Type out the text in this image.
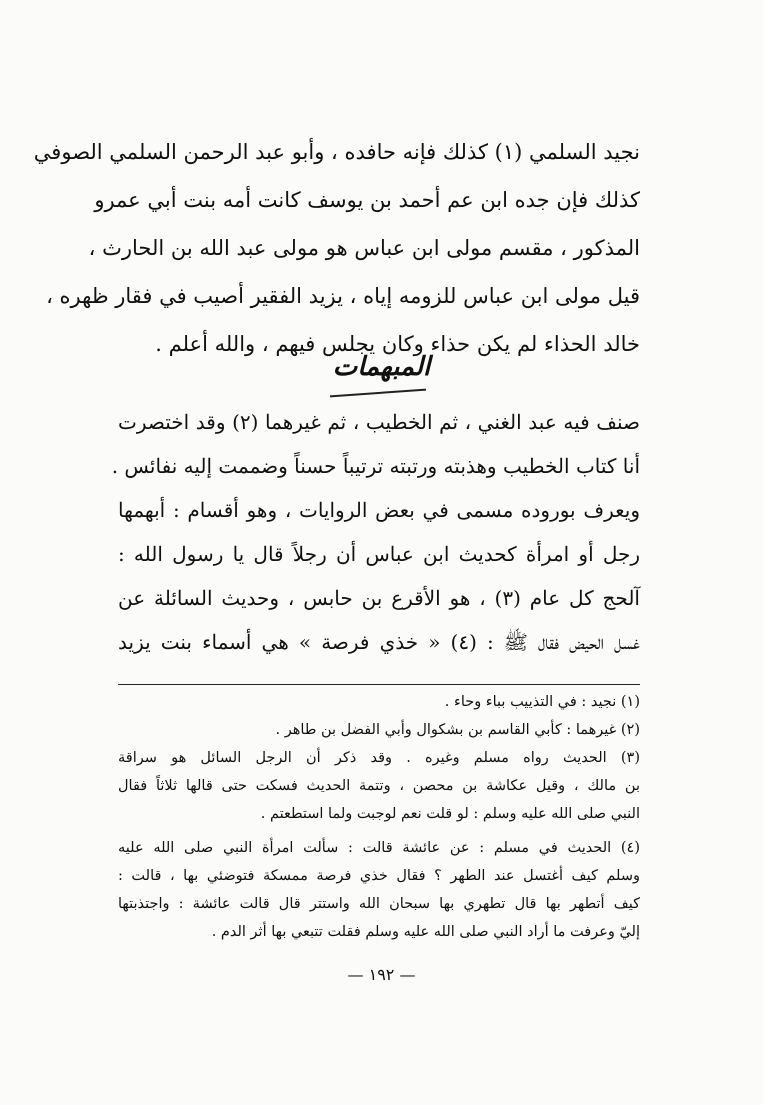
نجيد السلمي (١) كذلك فإنه حافده ، وأبو عبد الرحمن السلمي الصوفي
كذلك فإن جده ابن عم أحمد بن يوسف كانت أمه بنت أبي عمرو
المذكور ، مقسم مولى ابن عباس هو مولى عبد الله بن الحارث ،
قيل مولى ابن عباس للزومه إياه ، يزيد الفقير أصيب في فقار ظهره ،
خالد الحذاء لم يكن حذاء وكان يجلس فيهم ، والله أعلم .
المبهمات
صنف فيه عبد الغني ، ثم الخطيب ، ثم غيرهما (٢) وقد اختصرت
أنا كتاب الخطيب وهذبته ورتبته ترتيباً حسناً وضممت إليه نفائس .
ويعرف بوروده مسمى في بعض الروايات ، وهو أقسام : أبهمها
رجل أو امرأة كحديث ابن عباس أن رجلاً قال يا رسول الله :
آلحج كل عام (٣) ، هو الأقرع بن حابس ، وحديث السائلة عن
غسل الحيض فقال ﷺ : (٤) « خذي فرصة » هي أسماء بنت يزيد
(١) نجيد : في التذييب بباء وحاء .
(٢) غيرهما : كأبي القاسم بن بشكوال وأبي الفضل بن طاهر .
(٣) الحديث رواه مسلم وغيره . وقد ذكر أن الرجل السائل هو سراقة
بن مالك ، وقيل عكاشة بن محصن ، وتتمة الحديث فسكت حتى قالها ثلاثاً فقال
النبي صلى الله عليه وسلم : لو قلت نعم لوجبت ولما استطعتم .
(٤) الحديث في مسلم : عن عائشة قالت : سألت امرأة النبي صلى الله عليه
وسلم كيف أغتسل عند الطهر ؟ فقال خذي فرصة ممسكة فتوضئي بها ، قالت :
كيف أتطهر بها قال تطهري بها سبحان الله واستتر قال قالت عائشة : واجتذبتها
إليّ وعرفت ما أراد النبي صلى الله عليه وسلم فقلت تتبعي بها أثر الدم .
— ١٩٢ —
